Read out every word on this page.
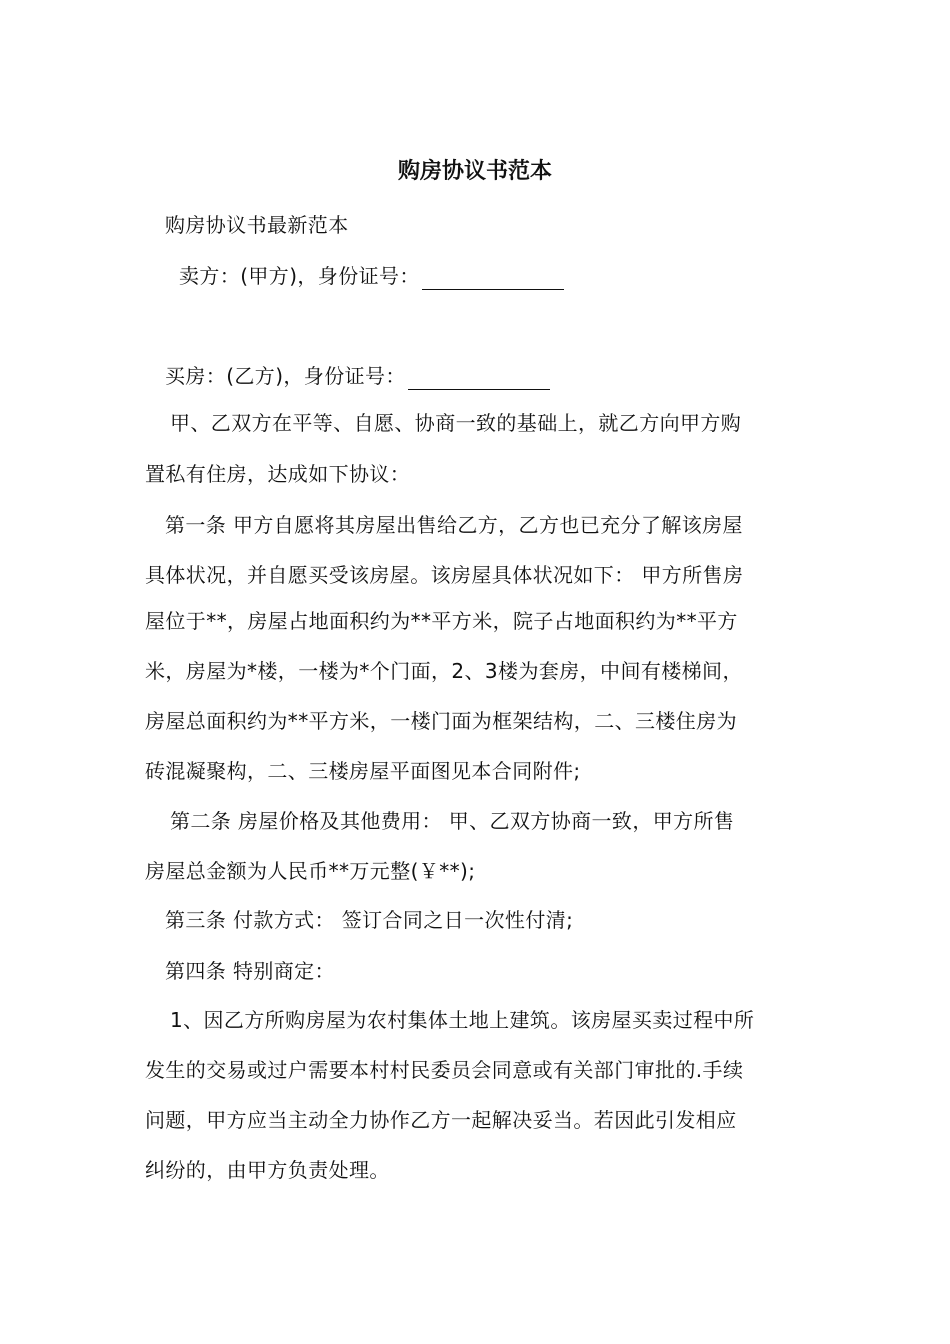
购房协议书范本
购房协议书最新范本
卖方：(甲方)，身份证号：
买房：(乙方)，身份证号：
甲、乙双方在平等、自愿、协商一致的基础上，就乙方向甲方购
置私有住房，达成如下协议：
第一条 甲方自愿将其房屋出售给乙方，乙方也已充分了解该房屋
具体状况，并自愿买受该房屋。该房屋具体状况如下： 甲方所售房
屋位于**，房屋占地面积约为**平方米，院子占地面积约为**平方
米，房屋为*楼，一楼为*个门面，2、3楼为套房，中间有楼梯间，
房屋总面积约为**平方米，一楼门面为框架结构，二、三楼住房为
砖混凝聚构，二、三楼房屋平面图见本合同附件;
第二条 房屋价格及其他费用： 甲、乙双方协商一致，甲方所售
房屋总金额为人民币**万元整(￥**);
第三条 付款方式： 签订合同之日一次性付清;
第四条 特别商定：
1、因乙方所购房屋为农村集体土地上建筑。该房屋买卖过程中所
发生的交易或过户需要本村村民委员会同意或有关部门审批的.手续
问题，甲方应当主动全力协作乙方一起解决妥当。若因此引发相应
纠纷的，由甲方负责处理。
